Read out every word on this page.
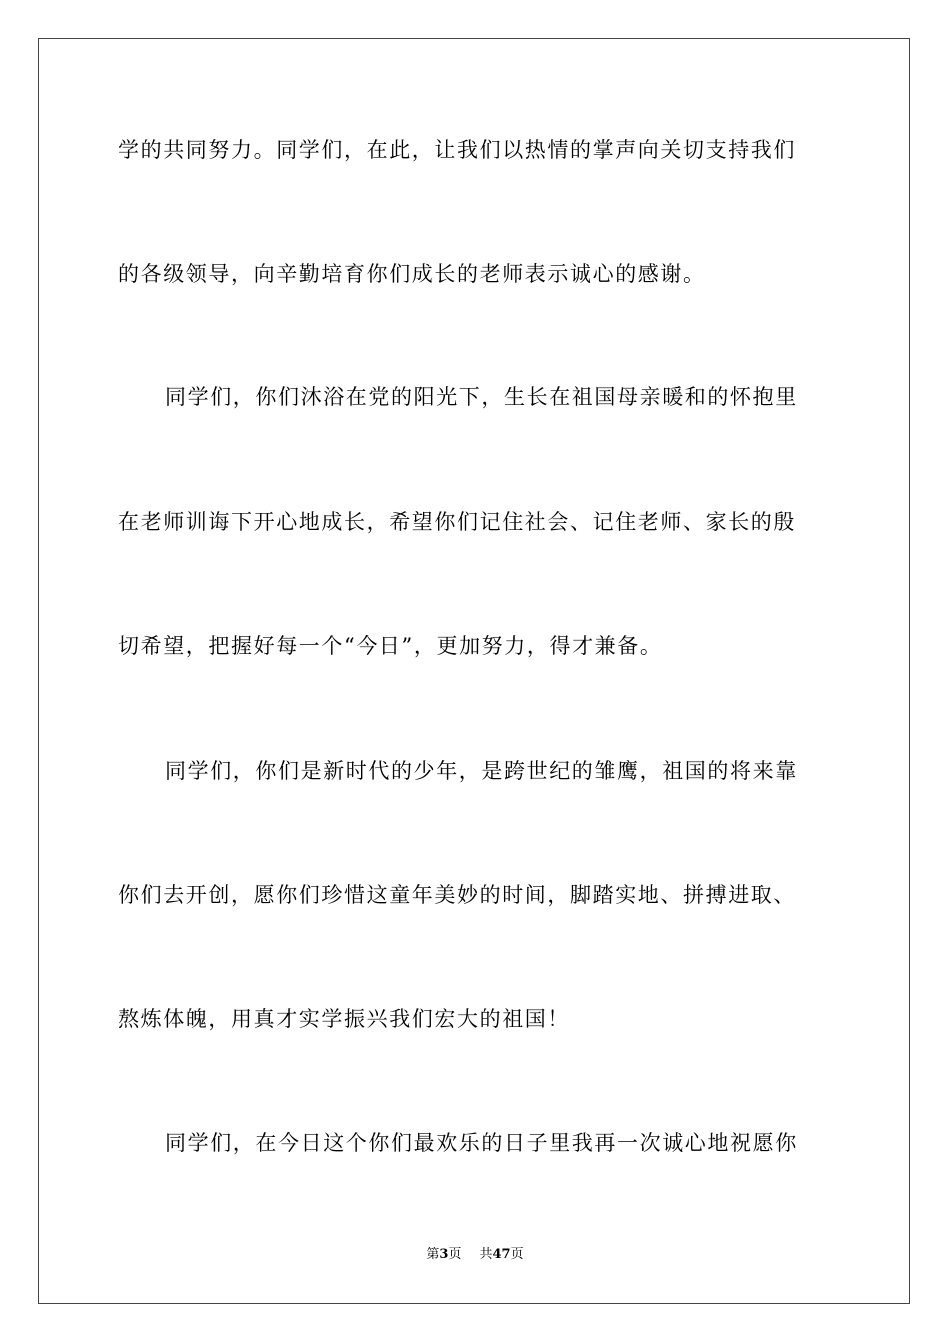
学的共同努力。同学们，在此，让我们以热情的掌声向关切支持我们
的各级领导，向辛勤培育你们成长的老师表示诚心的感谢。
同学们，你们沐浴在党的阳光下，生长在祖国母亲暖和的怀抱里
在老师训诲下开心地成长，希望你们记住社会、记住老师、家长的殷
切希望，把握好每一个“今日”，更加努力，得才兼备。
同学们，你们是新时代的少年，是跨世纪的雏鹰，祖国的将来靠
你们去开创，愿你们珍惜这童年美妙的时间，脚踏实地、拼搏进取、
熬炼体魄，用真才实学振兴我们宏大的祖国！
同学们，在今日这个你们最欢乐的日子里我再一次诚心地祝愿你
第3页 共47页
